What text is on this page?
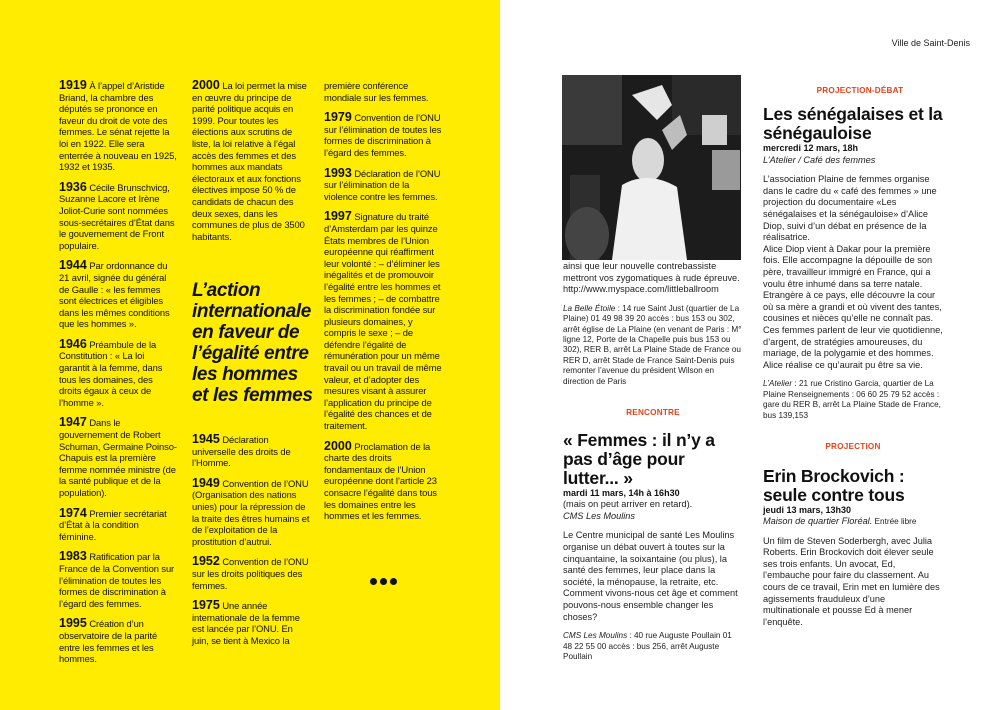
1919 À l’appel d’Aristide Briand, la chambre des députés se prononce en faveur du droit de vote des femmes. Le sénat rejette la loi en 1922. Elle sera enterrée à nouveau en 1925, 1932 et 1935.
1936 Cécile Brunschvicg, Suzanne Lacore et Irène Joliot-Curie sont nommées sous-secrétaires d’État dans le gouvernement de Front populaire.
1944 Par ordonnance du 21 avril, signée du général de Gaulle : « les femmes sont électrices et éligibles dans les mêmes conditions que les hommes ».
1946 Préambule de la Constitution : « La loi garantit à la femme, dans tous les domaines, des droits égaux à ceux de l’homme ».
1947 Dans le gouvernement de Robert Schuman, Germaine Poinso-Chapuis est la première femme nommée ministre (de la santé publique et de la population).
1974 Premier secrétariat d’État à la condition féminine.
1983 Ratification par la France de la Convention sur l’élimination de toutes les formes de discrimination à l’égard des femmes.
1995 Création d’un observatoire de la parité entre les femmes et les hommes.
2000 La loi permet la mise en œuvre du principe de parité politique acquis en 1999. Pour toutes les élections aux scrutins de liste, la loi relative à l’égal accès des femmes et des hommes aux mandats électoraux et aux fonctions électives impose 50 % de candidats de chacun des deux sexes, dans les communes de plus de 3500 habitants.
L’action internationale en faveur de l’égalité entre les hommes et les femmes
1945 Déclaration universelle des droits de l’Homme.
1949 Convention de l’ONU (Organisation des nations unies) pour la répression de la traite des êtres humains et de l’exploitation de la prostitution d’autrui.
1952 Convention de l’ONU sur les droits politiques des femmes.
1975 Une année internationale de la femme est lancée par l’ONU. En juin, se tient à Mexico la
première conférence mondiale sur les femmes.
1979 Convention de l’ONU sur l’élimination de toutes les formes de discrimination à l’égard des femmes.
1993 Déclaration de l’ONU sur l’élimination de la violence contre les femmes.
1997 Signature du traité d’Amsterdam par les quinze États membres de l’Union européenne qui réaffirment leur volonté : – d’éliminer les inégalités et de promouvoir l’égalité entre les hommes et les femmes ; – de combattre la discrimination fondée sur plusieurs domaines, y compris le sexe ; – de défendre l’égalité de rémunération pour un même travail ou un travail de même valeur, et d’adopter des mesures visant à assurer l’application du principe de l’égalité des chances et de traitement.
2000 Proclamation de la charte des droits fondamentaux de l’Union européenne dont l’article 23 consacre l’égalité dans tous les domaines entre les hommes et les femmes.
Ville de Saint-Denis
ainsi que leur nouvelle contrebassiste mettront vos zygomatiques à rude épreuve.
http://www.myspace.com/littleballroom
La Belle Étoile : 14 rue Saint Just (quartier de La Plaine) 01 49 98 39 20 accès : bus 153 ou 302, arrêt église de La Plaine (en venant de Paris : M° ligne 12, Porte de la Chapelle puis bus 153 ou 302), RER B, arrêt La Plaine Stade de France ou RER D, arrêt Stade de France Saint-Denis puis remonter l’avenue du président Wilson en direction de Paris
RENCONTRE
« Femmes : il n’y a pas d’âge pour lutter... »
mardi 11 mars, 14h à 16h30
(mais on peut arriver en retard).
CMS Les Moulins
Le Centre municipal de santé Les Moulins organise un débat ouvert à toutes sur la cinquantaine, la soixantaine (ou plus), la santé des femmes, leur place dans la société, la ménopause, la retraite, etc. Comment vivons-nous cet âge et comment pouvons-nous ensemble changer les choses?
CMS Les Moulins : 40 rue Auguste Poullain 01 48 22 55 00 accès : bus 256, arrêt Auguste Poullain
PROJECTION-DÉBAT
Les sénégalaises et la sénégauloise
mercredi 12 mars, 18h
L’Atelier / Café des femmes
L’association Plaine de femmes organise dans le cadre du « café des femmes » une projection du documentaire «Les sénégalaises et la sénégauloise» d’Alice Diop, suivi d’un débat en présence de la réalisatrice.
Alice Diop vient à Dakar pour la première fois. Elle accompagne la dépouille de son père, travailleur immigré en France, qui a voulu être inhumé dans sa terre natale. Etrangère à ce pays, elle découvre la cour où sa mère a grandi et où vivent des tantes, cousines et nièces qu’elle ne connaît pas. Ces femmes parlent de leur vie quotidienne, d’argent, de stratégies amoureuses, du mariage, de la polygamie et des hommes. Alice réalise ce qu’aurait pu être sa vie.
L’Atelier : 21 rue Cristino Garcia, quartier de La Plaine Renseignements : 06 60 25 79 52 accès : gare du RER B, arrêt La Plaine Stade de France, bus 139,153
PROJECTION
Erin Brockovich : seule contre tous
jeudi 13 mars, 13h30
Maison de quartier Floréal. Entrée libre
Un film de Steven Soderbergh, avec Julia Roberts. Erin Brockovich doit élever seule ses trois enfants. Un avocat, Ed, l’embauche pour faire du classement. Au cours de ce travail, Erin met en lumière des agissements frauduleux d’une multinationale et pousse Ed à mener l’enquête.
